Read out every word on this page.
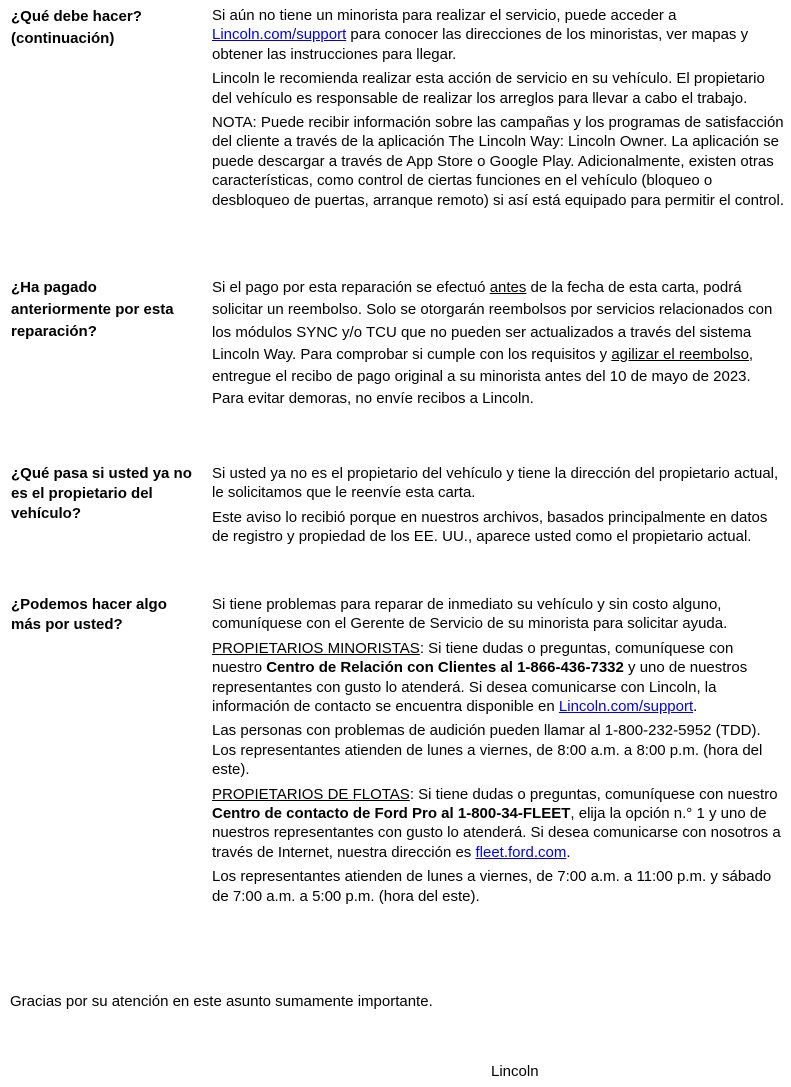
¿Qué debe hacer? (continuación)

Si aún no tiene un minorista para realizar el servicio, puede acceder a Lincoln.com/support para conocer las direcciones de los minoristas, ver mapas y obtener las instrucciones para llegar.

Lincoln le recomienda realizar esta acción de servicio en su vehículo. El propietario del vehículo es responsable de realizar los arreglos para llevar a cabo el trabajo.

NOTA: Puede recibir información sobre las campañas y los programas de satisfacción del cliente a través de la aplicación The Lincoln Way: Lincoln Owner. La aplicación se puede descargar a través de App Store o Google Play. Adicionalmente, existen otras características, como control de ciertas funciones en el vehículo (bloqueo o desbloqueo de puertas, arranque remoto) si así está equipado para permitir el control.

¿Ha pagado anteriormente por esta reparación?

Si el pago por esta reparación se efectuó antes de la fecha de esta carta, podrá solicitar un reembolso. Solo se otorgarán reembolsos por servicios relacionados con los módulos SYNC y/o TCU que no pueden ser actualizados a través del sistema Lincoln Way. Para comprobar si cumple con los requisitos y agilizar el reembolso, entregue el recibo de pago original a su minorista antes del 10 de mayo de 2023. Para evitar demoras, no envíe recibos a Lincoln.

¿Qué pasa si usted ya no es el propietario del vehículo?

Si usted ya no es el propietario del vehículo y tiene la dirección del propietario actual, le solicitamos que le reenvíe esta carta.

Este aviso lo recibió porque en nuestros archivos, basados principalmente en datos de registro y propiedad de los EE. UU., aparece usted como el propietario actual.

¿Podemos hacer algo más por usted?

Si tiene problemas para reparar de inmediato su vehículo y sin costo alguno, comuníquese con el Gerente de Servicio de su minorista para solicitar ayuda.

PROPIETARIOS MINORISTAS: Si tiene dudas o preguntas, comuníquese con nuestro Centro de Relación con Clientes al 1-866-436-7332 y uno de nuestros representantes con gusto lo atenderá. Si desea comunicarse con Lincoln, la información de contacto se encuentra disponible en Lincoln.com/support.

Las personas con problemas de audición pueden llamar al 1-800-232-5952 (TDD). Los representantes atienden de lunes a viernes, de 8:00 a.m. a 8:00 p.m. (hora del este).

PROPIETARIOS DE FLOTAS: Si tiene dudas o preguntas, comuníquese con nuestro Centro de contacto de Ford Pro al 1-800-34-FLEET, elija la opción n.° 1 y uno de nuestros representantes con gusto lo atenderá. Si desea comunicarse con nosotros a través de Internet, nuestra dirección es fleet.ford.com.

Los representantes atienden de lunes a viernes, de 7:00 a.m. a 11:00 p.m. y sábado de 7:00 a.m. a 5:00 p.m. (hora del este).

Gracias por su atención en este asunto sumamente importante.
Lincoln
